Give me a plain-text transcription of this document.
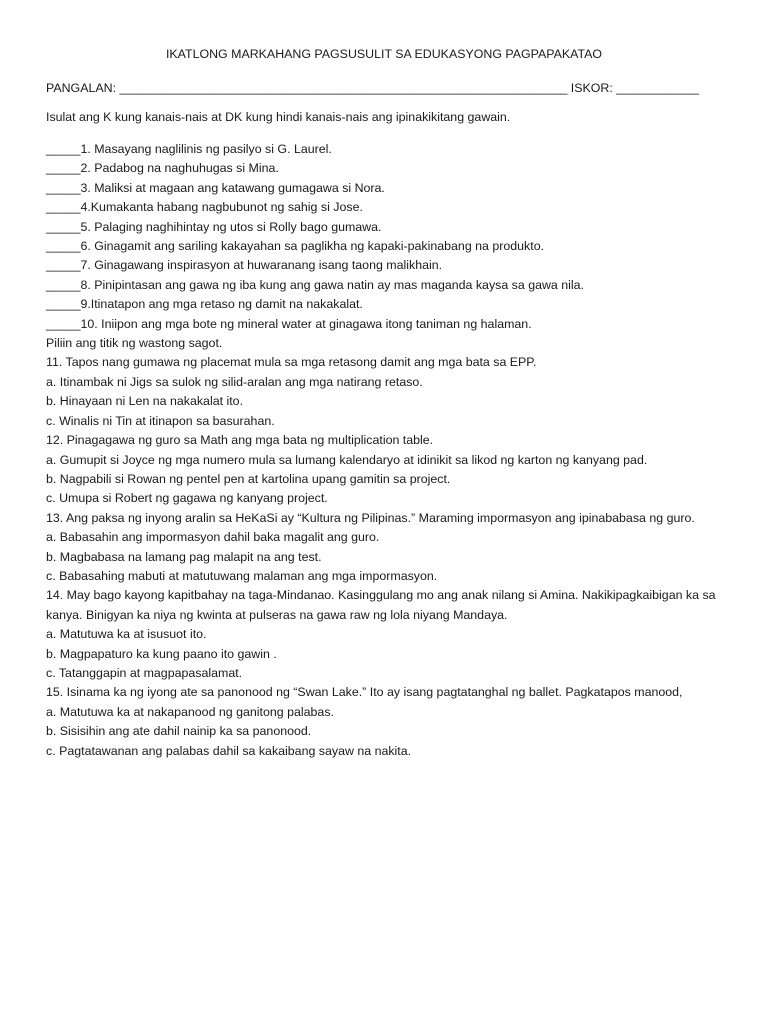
IKATLONG MARKAHANG PAGSUSULIT SA EDUKASYONG PAGPAPAKATAO
PANGALAN: _________________________________________________________________ ISKOR: ____________
Isulat ang K kung kanais-nais at DK kung hindi kanais-nais ang ipinakikitang gawain.
_____1. Masayang naglilinis ng pasilyo si G. Laurel.
_____2. Padabog na naghuhugas si Mina.
_____3. Maliksi at magaan ang katawang gumagawa si Nora.
_____4.Kumakanta habang nagbubunot ng sahig si Jose.
_____5. Palaging naghihintay ng utos si Rolly bago gumawa.
_____6. Ginagamit ang sariling kakayahan sa paglikha ng kapaki-pakinabang na produkto.
_____7. Ginagawang inspirasyon at huwaranang isang taong malikhain.
_____8. Pinipintasan ang gawa ng iba kung ang gawa natin ay mas maganda kaysa sa gawa nila.
_____9.Itinatapon ang mga retaso ng damit na nakakalat.
_____10. Iniipon ang mga bote ng mineral water at ginagawa itong taniman ng halaman.
Piliin ang titik ng wastong sagot.
11. Tapos nang gumawa ng placemat mula sa mga retasong damit ang mga bata sa EPP.
a. Itinambak ni Jigs sa sulok ng silid-aralan ang mga natirang retaso.
b. Hinayaan ni Len na nakakalat ito.
c. Winalis ni Tin at itinapon sa basurahan.
12. Pinagagawa ng guro sa Math ang mga bata ng multiplication table.
a. Gumupit si Joyce ng mga numero mula sa lumang kalendaryo at idinikit sa likod ng karton ng kanyang pad.
b. Nagpabili si Rowan ng pentel pen at kartolina upang gamitin sa project.
c. Umupa si Robert ng gagawa ng kanyang project.
13. Ang paksa ng inyong aralin sa HeKaSi ay “Kultura ng Pilipinas.” Maraming impormasyon ang ipinababasa ng guro.
a. Babasahin ang impormasyon dahil baka magalit ang guro.
b. Magbabasa na lamang pag malapit na ang test.
c. Babasahing mabuti at matutuwang malaman ang mga impormasyon.
14. May bago kayong kapitbahay na taga-Mindanao. Kasinggulang mo ang anak nilang si Amina. Nakikipagkaibigan ka sa
kanya. Binigyan ka niya ng kwinta at pulseras na gawa raw ng lola niyang Mandaya.
a. Matutuwa ka at isusuot ito.
b. Magpapaturo ka kung paano ito gawin .
c. Tatanggapin at magpapasalamat.
15. Isinama ka ng iyong ate sa panonood ng “Swan Lake.” Ito ay isang pagtatanghal ng ballet. Pagkatapos manood,
a. Matutuwa ka at nakapanood ng ganitong palabas.
b. Sisisihin ang ate dahil nainip ka sa panonood.
c. Pagtatawanan ang palabas dahil sa kakaibang sayaw na nakita.
